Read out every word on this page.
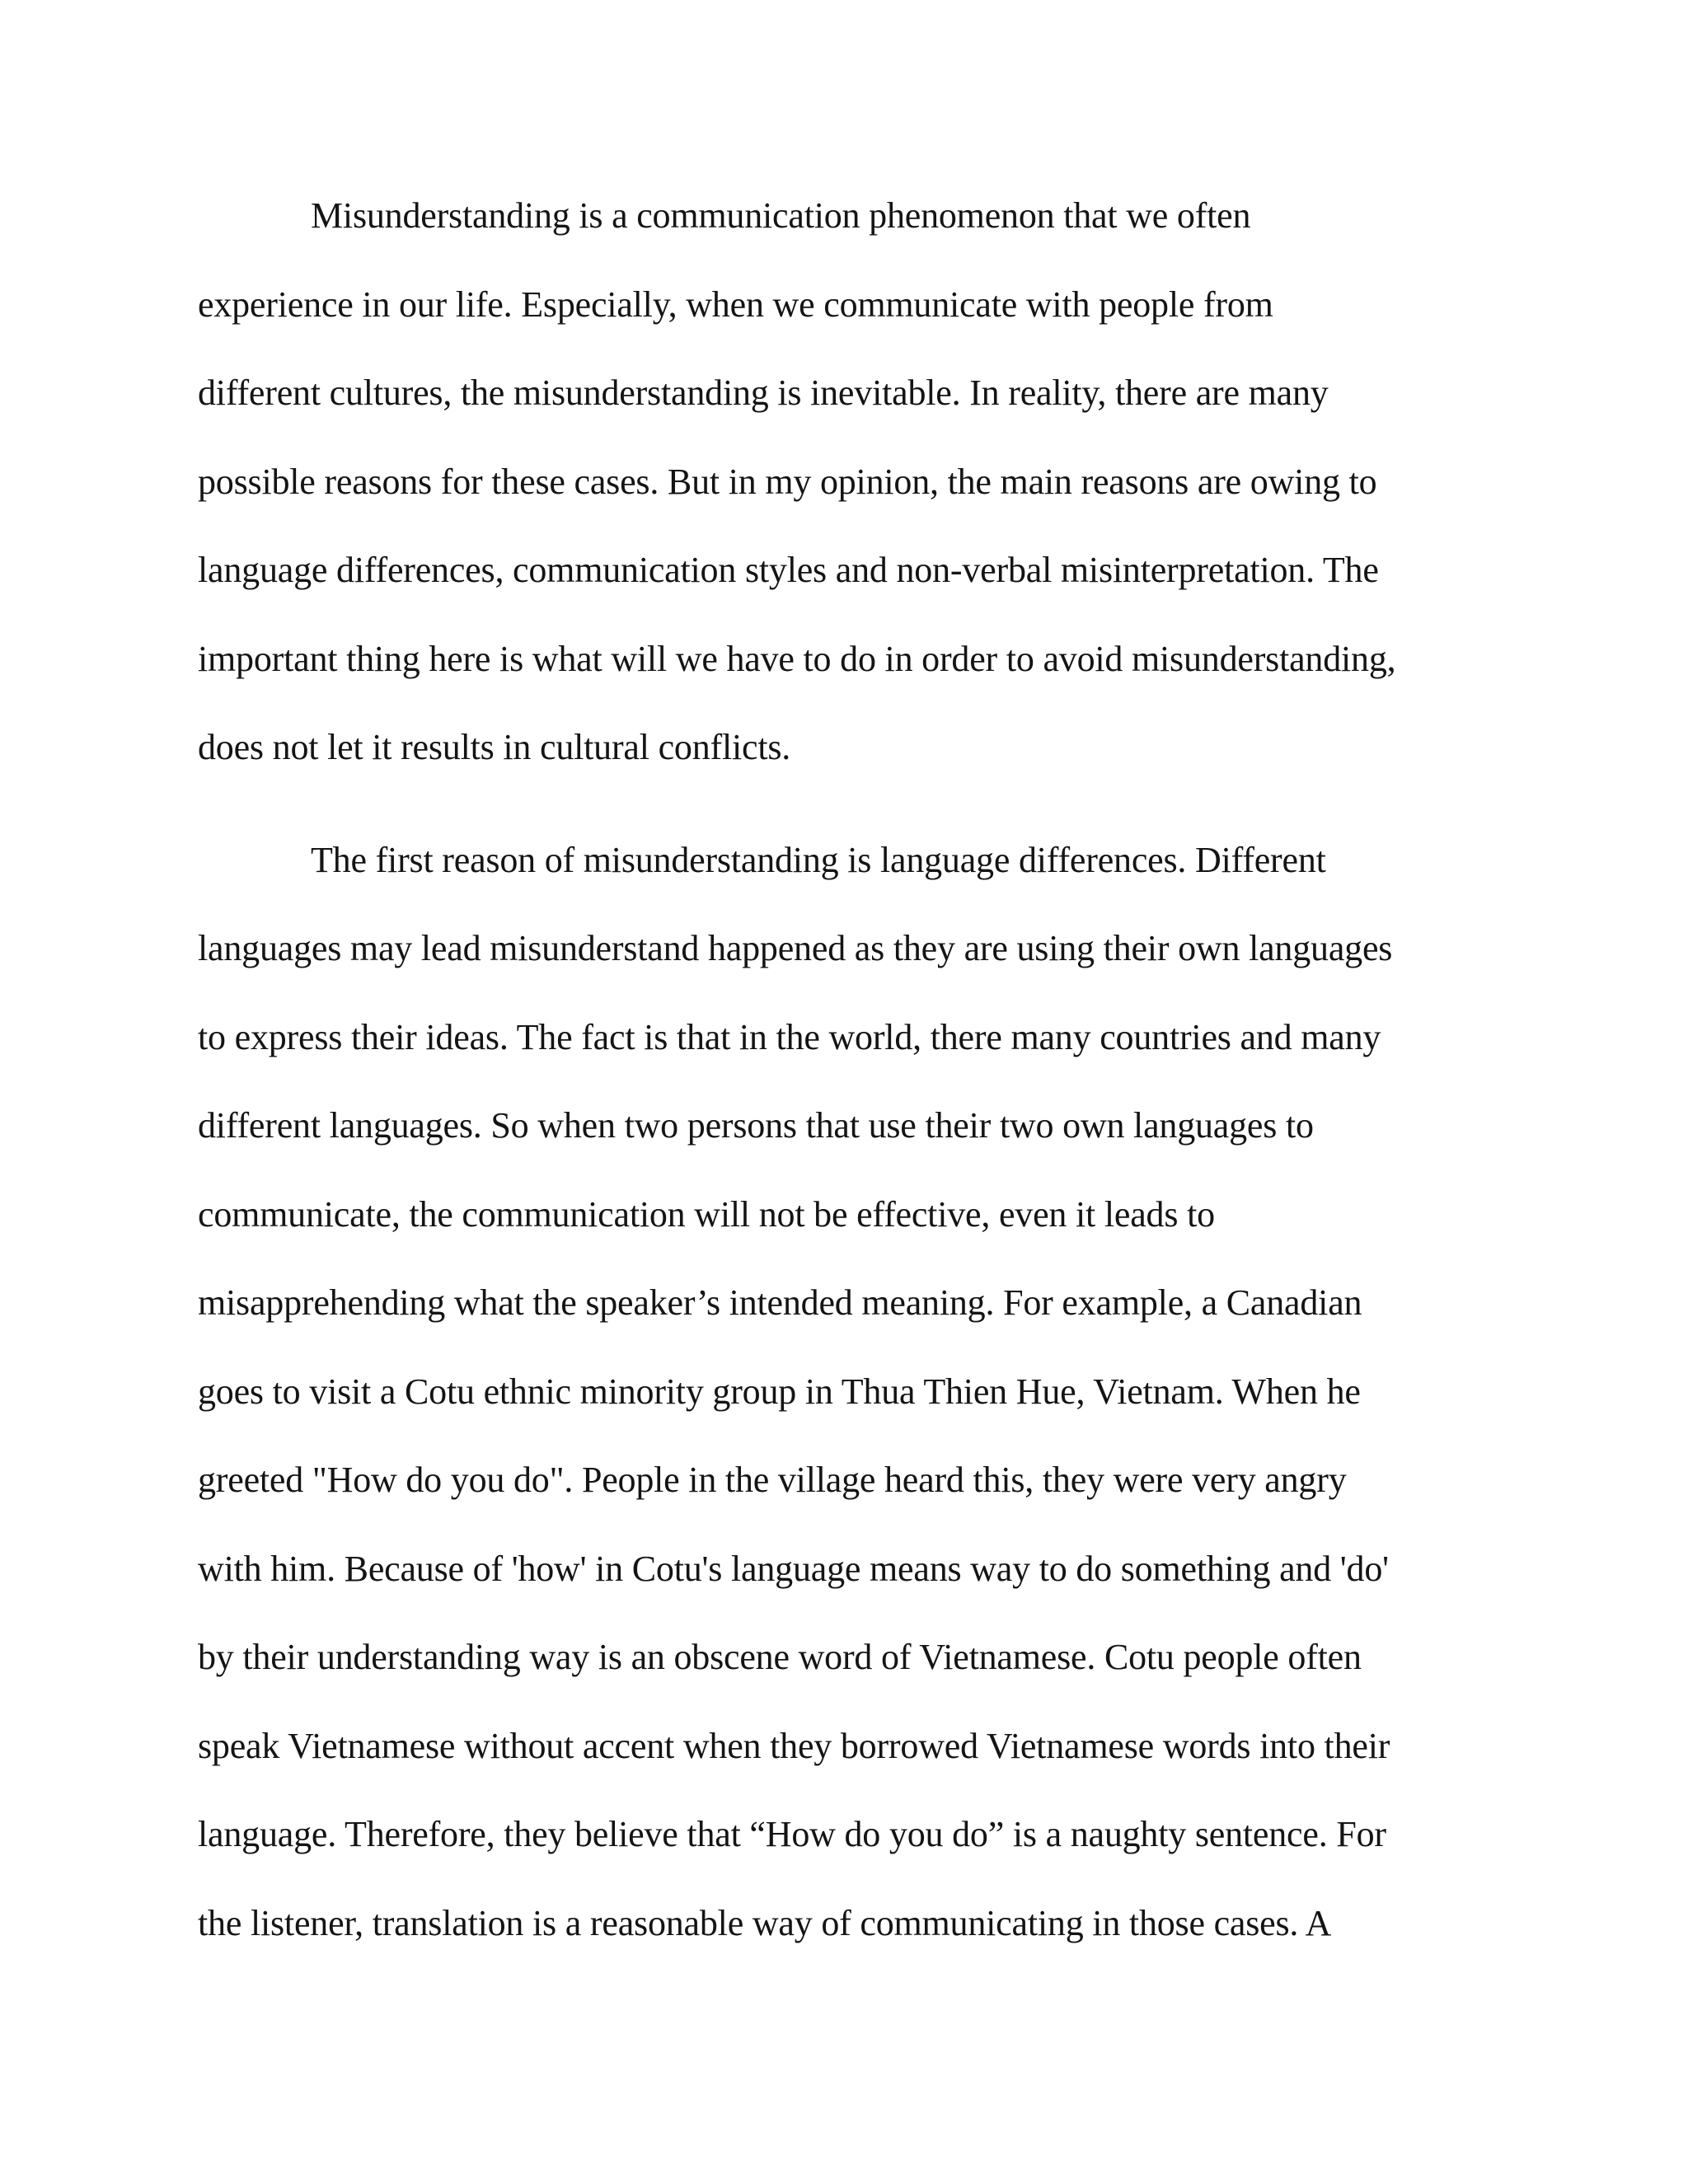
Misunderstanding is a communication phenomenon that we often
experience in our life. Especially, when we communicate with people from
different cultures, the misunderstanding is inevitable. In reality, there are many
possible reasons for these cases. But in my opinion, the main reasons are owing to
language differences, communication styles and non-verbal misinterpretation. The
important thing here is what will we have to do in order to avoid misunderstanding,
does not let it results in cultural conflicts.

The first reason of misunderstanding is language differences. Different
languages may lead misunderstand happened as they are using their own languages
to express their ideas. The fact is that in the world, there many countries and many
different languages. So when two persons that use their two own languages to
communicate, the communication will not be effective, even it leads to
misapprehending what the speaker’s intended meaning. For example, a Canadian
goes to visit a Cotu ethnic minority group in Thua Thien Hue, Vietnam. When he
greeted "How do you do". People in the village heard this, they were very angry
with him. Because of 'how' in Cotu's language means way to do something and 'do'
by their understanding way is an obscene word of Vietnamese. Cotu people often
speak Vietnamese without accent when they borrowed Vietnamese words into their
language. Therefore, they believe that “How do you do” is a naughty sentence. For
the listener, translation is a reasonable way of communicating in those cases. A
